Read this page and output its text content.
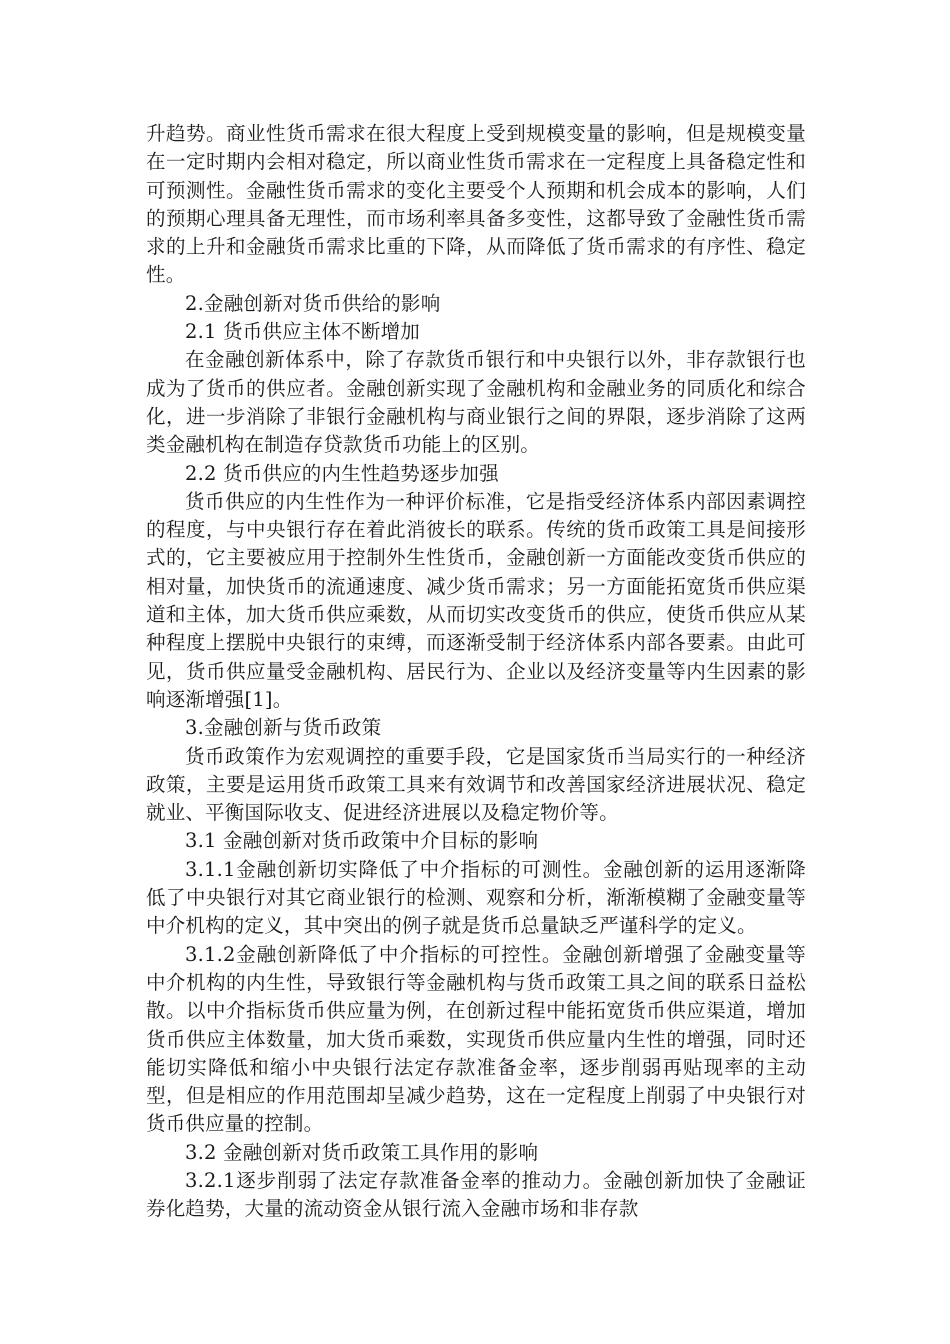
升趋势。商业性货币需求在很大程度上受到规模变量的影响，但是规模变量在一定时期内会相对稳定，所以商业性货币需求在一定程度上具备稳定性和可预测性。金融性货币需求的变化主要受个人预期和机会成本的影响，人们的预期心理具备无理性，而市场利率具备多变性，这都导致了金融性货币需求的上升和金融货币需求比重的下降，从而降低了货币需求的有序性、稳定性。

2.金融创新对货币供给的影响

2.1 货币供应主体不断增加

在金融创新体系中，除了存款货币银行和中央银行以外，非存款银行也成为了货币的供应者。金融创新实现了金融机构和金融业务的同质化和综合化，进一步消除了非银行金融机构与商业银行之间的界限，逐步消除了这两类金融机构在制造存贷款货币功能上的区别。

2.2 货币供应的内生性趋势逐步加强

货币供应的内生性作为一种评价标准，它是指受经济体系内部因素调控的程度，与中央银行存在着此消彼长的联系。传统的货币政策工具是间接形式的，它主要被应用于控制外生性货币，金融创新一方面能改变货币供应的相对量，加快货币的流通速度、减少货币需求；另一方面能拓宽货币供应渠道和主体，加大货币供应乘数，从而切实改变货币的供应，使货币供应从某种程度上摆脱中央银行的束缚，而逐渐受制于经济体系内部各要素。由此可见，货币供应量受金融机构、居民行为、企业以及经济变量等内生因素的影响逐渐增强[1]。

3.金融创新与货币政策

货币政策作为宏观调控的重要手段，它是国家货币当局实行的一种经济政策，主要是运用货币政策工具来有效调节和改善国家经济进展状况、稳定就业、平衡国际收支、促进经济进展以及稳定物价等。

3.1 金融创新对货币政策中介目标的影响

3.1.1金融创新切实降低了中介指标的可测性。金融创新的运用逐渐降低了中央银行对其它商业银行的检测、观察和分析，渐渐模糊了金融变量等中介机构的定义，其中突出的例子就是货币总量缺乏严谨科学的定义。

3.1.2金融创新降低了中介指标的可控性。金融创新增强了金融变量等中介机构的内生性，导致银行等金融机构与货币政策工具之间的联系日益松散。以中介指标货币供应量为例，在创新过程中能拓宽货币供应渠道，增加货币供应主体数量，加大货币乘数，实现货币供应量内生性的增强，同时还能切实降低和缩小中央银行法定存款准备金率，逐步削弱再贴现率的主动型，但是相应的作用范围却呈减少趋势，这在一定程度上削弱了中央银行对货币供应量的控制。

3.2 金融创新对货币政策工具作用的影响

3.2.1逐步削弱了法定存款准备金率的推动力。金融创新加快了金融证券化趋势，大量的流动资金从银行流入金融市场和非存款
